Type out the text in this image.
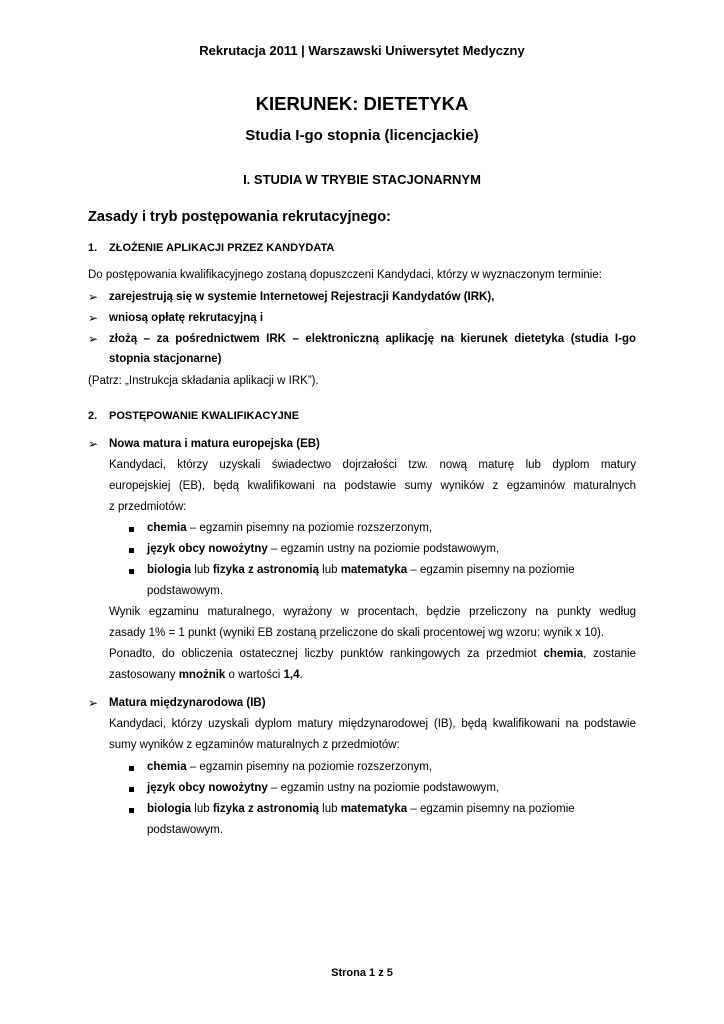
Rekrutacja 2011 | Warszawski Uniwersytet Medyczny
KIERUNEK: DIETETYKA
Studia I-go stopnia (licencjackie)
I. STUDIA W TRYBIE STACJONARNYM
Zasady i tryb postępowania rekrutacyjnego:
1. ZŁOŻENIE APLIKACJI PRZEZ KANDYDATA
Do postępowania kwalifikacyjnego zostaną dopuszczeni Kandydaci, którzy w wyznaczonym terminie:
➢ zarejestrują się w systemie Internetowej Rejestracji Kandydatów (IRK),
➢ wniosą opłatę rekrutacyjną i
➢ złożą – za pośrednictwem IRK – elektroniczną aplikację na kierunek dietetyka (studia I-go
stopnia stacjonarne)
(Patrz: „Instrukcja składania aplikacji w IRK”).
2. POSTĘPOWANIE KWALIFIKACYJNE
➢ Nowa matura i matura europejska (EB)
Kandydaci, którzy uzyskali świadectwo dojrzałości tzw. nową maturę lub dyplom matury
europejskiej (EB), będą kwalifikowani na podstawie sumy wyników z egzaminów maturalnych
z przedmiotów:
chemia – egzamin pisemny na poziomie rozszerzonym,
język obcy nowożytny – egzamin ustny na poziomie podstawowym,
biologia lub fizyka z astronomią lub matematyka – egzamin pisemny na poziomie
podstawowym.
Wynik egzaminu maturalnego, wyrażony w procentach, będzie przeliczony na punkty według
zasady 1% = 1 punkt (wyniki EB zostaną przeliczone do skali procentowej wg wzoru: wynik x 10).
Ponadto, do obliczenia ostatecznej liczby punktów rankingowych za przedmiot chemia, zostanie
zastosowany mnożnik o wartości 1,4.
➢ Matura międzynarodowa (IB)
Kandydaci, którzy uzyskali dyplom matury międzynarodowej (IB), będą kwalifikowani na podstawie
sumy wyników z egzaminów maturalnych z przedmiotów:
chemia – egzamin pisemny na poziomie rozszerzonym,
język obcy nowożytny – egzamin ustny na poziomie podstawowym,
biologia lub fizyka z astronomią lub matematyka – egzamin pisemny na poziomie
podstawowym.
Strona 1 z 5
